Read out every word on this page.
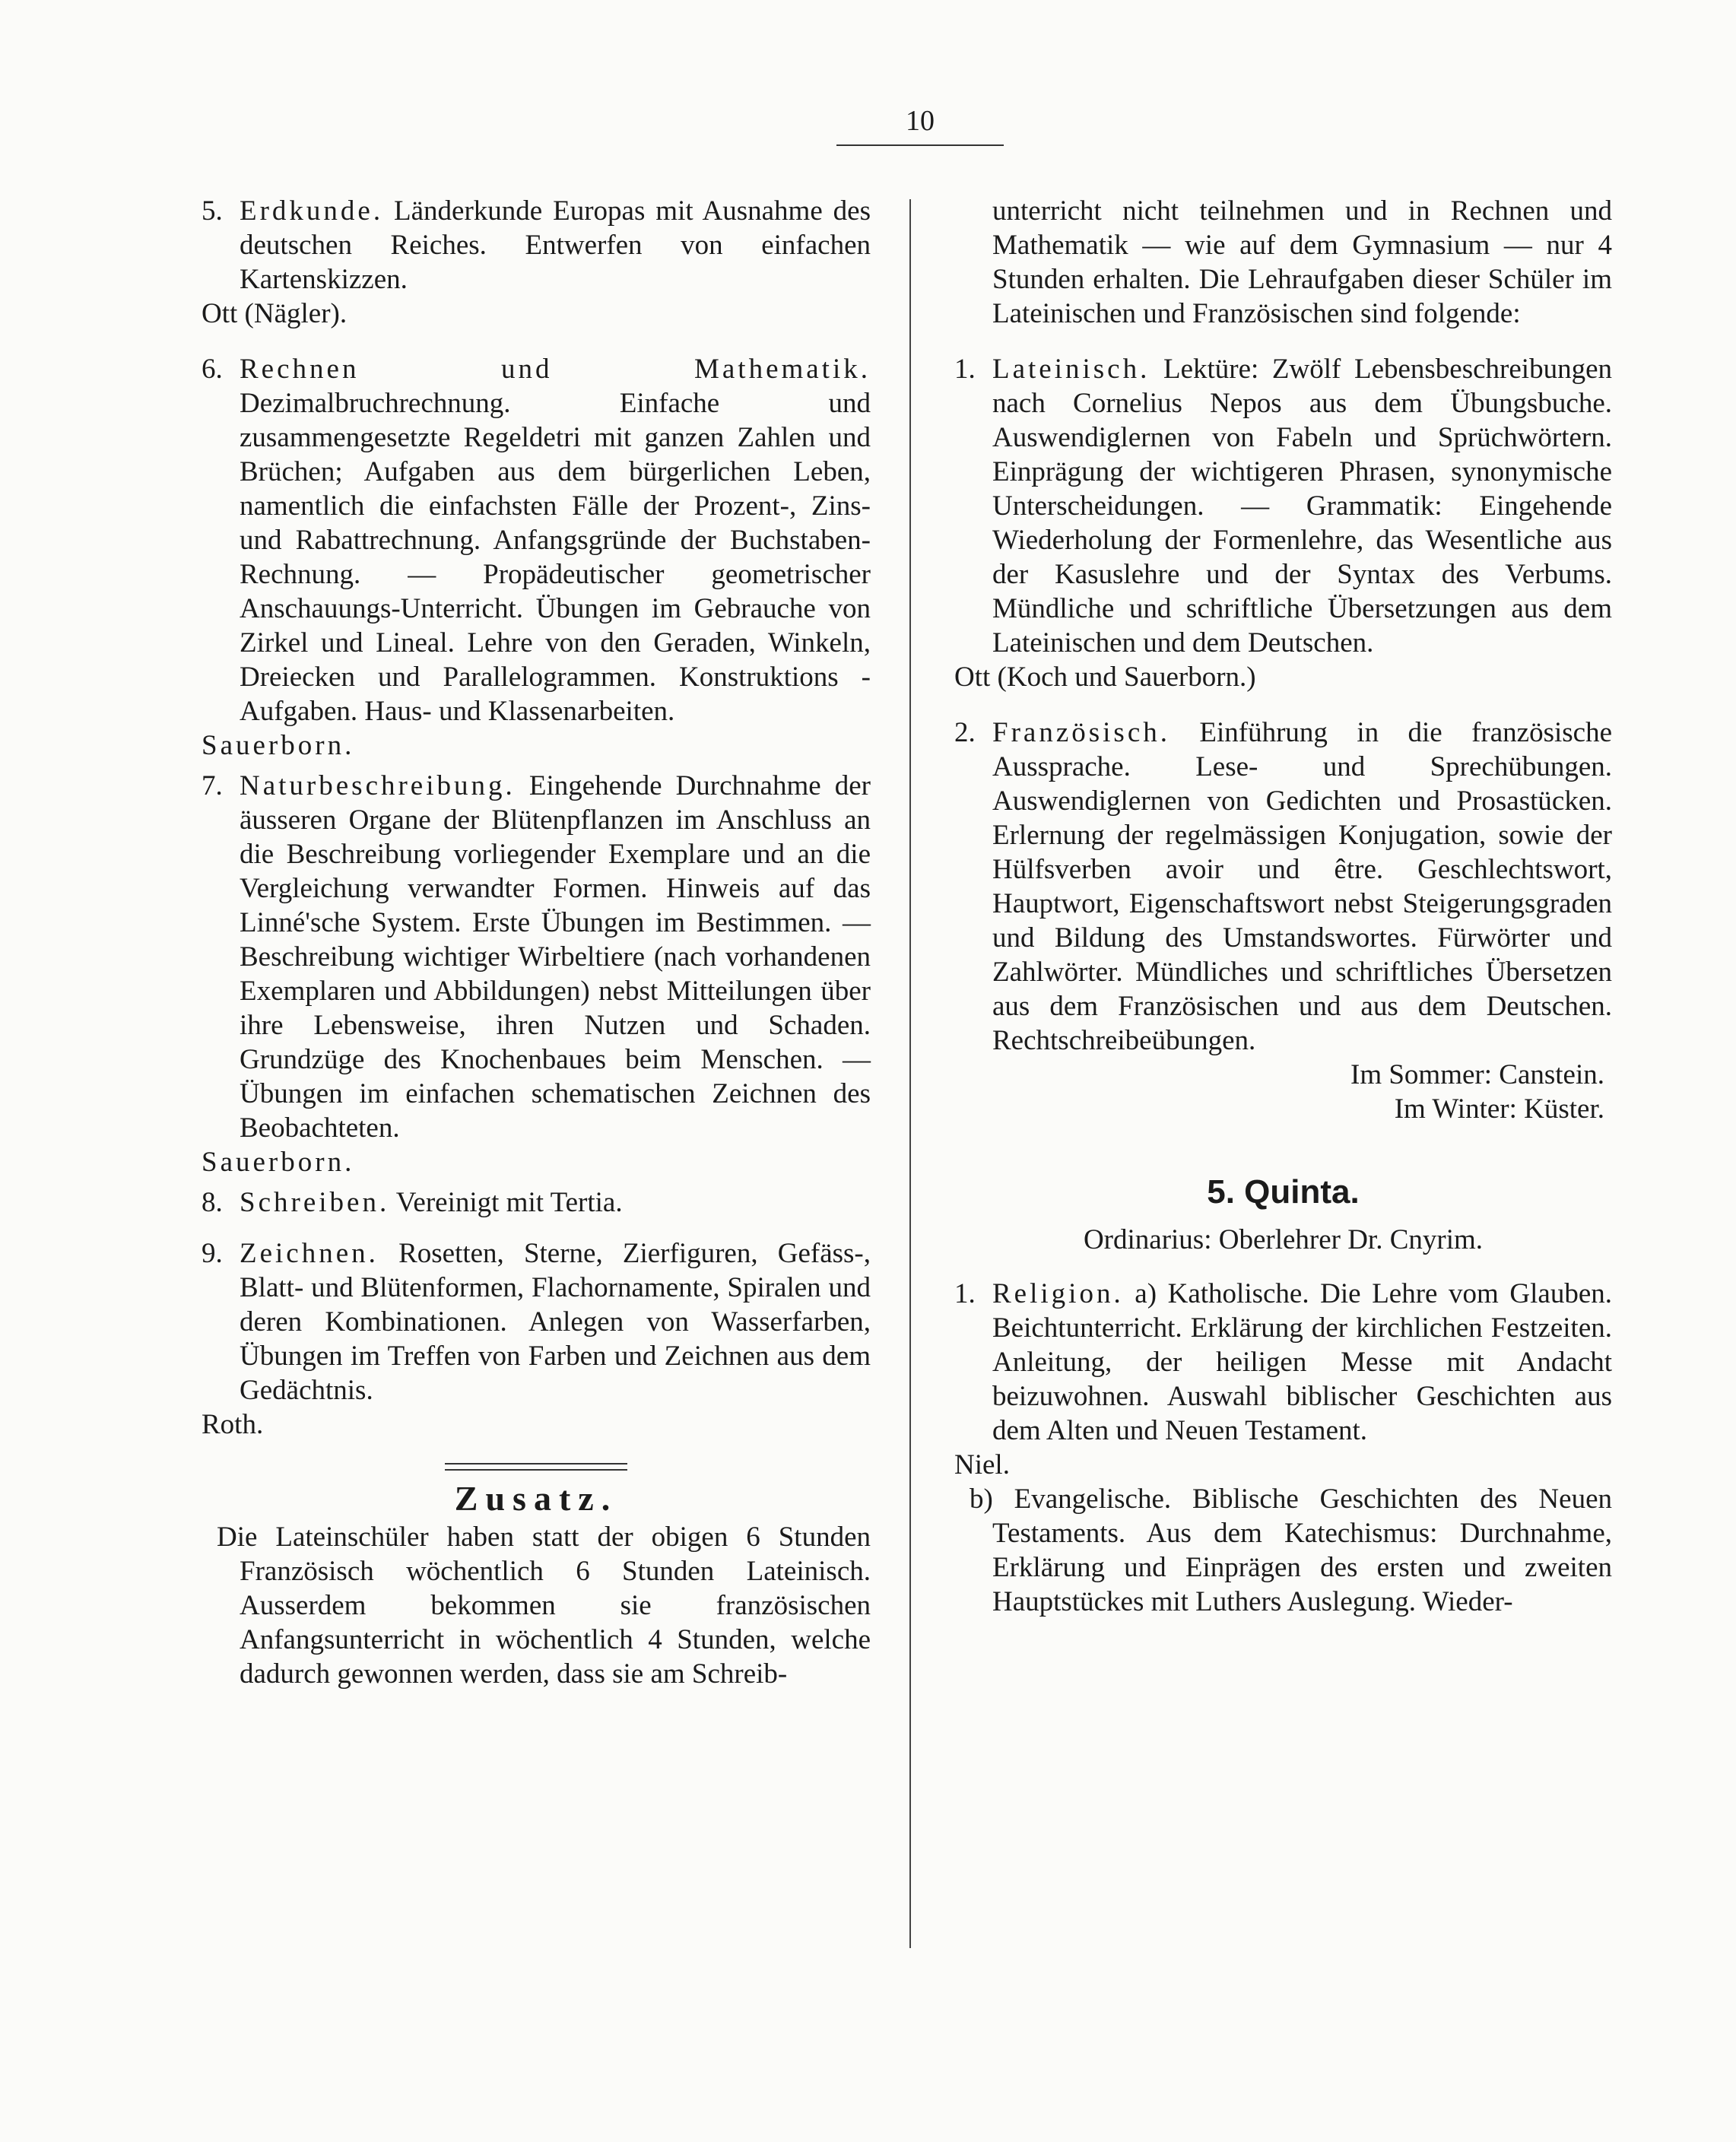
10

5. Erdkunde. Länderkunde Europas mit Ausnahme des deutschen Reiches. Entwerfen von einfachen Kartenskizzen.

Ott (Nägler).

6. Rechnen und Mathematik. Dezimalbruchrechnung. Einfache und zusammengesetzte Regeldetri mit ganzen Zahlen und Brüchen; Aufgaben aus dem bürgerlichen Leben, namentlich die einfachsten Fälle der Prozent-, Zins- und Rabattrechnung. Anfangsgründe der Buchstaben-Rechnung. — Propädeutischer geometrischer Anschauungs-Unterricht. Übungen im Gebrauche von Zirkel und Lineal. Lehre von den Geraden, Winkeln, Dreiecken und Parallelogrammen. Konstruktions - Aufgaben. Haus- und Klassenarbeiten.

Sauerborn.

7. Naturbeschreibung. Eingehende Durchnahme der äusseren Organe der Blütenpflanzen im Anschluss an die Beschreibung vorliegender Exemplare und an die Vergleichung verwandter Formen. Hinweis auf das Linné'sche System. Erste Übungen im Bestimmen. — Beschreibung wichtiger Wirbeltiere (nach vorhandenen Exemplaren und Abbildungen) nebst Mitteilungen über ihre Lebensweise, ihren Nutzen und Schaden. Grundzüge des Knochenbaues beim Menschen. — Übungen im einfachen schematischen Zeichnen des Beobachteten.

Sauerborn.

8. Schreiben. Vereinigt mit Tertia.

9. Zeichnen. Rosetten, Sterne, Zierfiguren, Gefäss-, Blatt- und Blütenformen, Flachornamente, Spiralen und deren Kombinationen. Anlegen von Wasserfarben, Übungen im Treffen von Farben und Zeichnen aus dem Gedächtnis.

Roth.

Zusatz.

Die Lateinschüler haben statt der obigen 6 Stunden Französisch wöchentlich 6 Stunden Lateinisch. Ausserdem bekommen sie französischen Anfangsunterricht in wöchentlich 4 Stunden, welche dadurch gewonnen werden, dass sie am Schreib-

unterricht nicht teilnehmen und in Rechnen und Mathematik — wie auf dem Gymnasium — nur 4 Stunden erhalten. Die Lehraufgaben dieser Schüler im Lateinischen und Französischen sind folgende:

1. Lateinisch. Lektüre: Zwölf Lebensbeschreibungen nach Cornelius Nepos aus dem Übungsbuche. Auswendiglernen von Fabeln und Sprüchwörtern. Einprägung der wichtigeren Phrasen, synonymische Unterscheidungen. — Grammatik: Eingehende Wiederholung der Formenlehre, das Wesentliche aus der Kasuslehre und der Syntax des Verbums. Mündliche und schriftliche Übersetzungen aus dem Lateinischen und dem Deutschen.

Ott (Koch und Sauerborn.)

2. Französisch. Einführung in die französische Aussprache. Lese- und Sprechübungen. Auswendiglernen von Gedichten und Prosastücken. Erlernung der regelmässigen Konjugation, sowie der Hülfsverben avoir und être. Geschlechtswort, Hauptwort, Eigenschaftswort nebst Steigerungsgraden und Bildung des Umstandswortes. Fürwörter und Zahlwörter. Mündliches und schriftliches Übersetzen aus dem Französischen und aus dem Deutschen. Rechtschreibeübungen.

Im Sommer: Canstein.
Im Winter: Küster.
5. Quinta.

Ordinarius: Oberlehrer Dr. Cnyrim.

1. Religion. a) Katholische. Die Lehre vom Glauben. Beichtunterricht. Erklärung der kirchlichen Festzeiten. Anleitung, der heiligen Messe mit Andacht beizuwohnen. Auswahl biblischer Geschichten aus dem Alten und Neuen Testament.

Niel.

b) Evangelische. Biblische Geschichten des Neuen Testaments. Aus dem Katechismus: Durchnahme, Erklärung und Einprägen des ersten und zweiten Hauptstückes mit Luthers Auslegung. Wieder-
